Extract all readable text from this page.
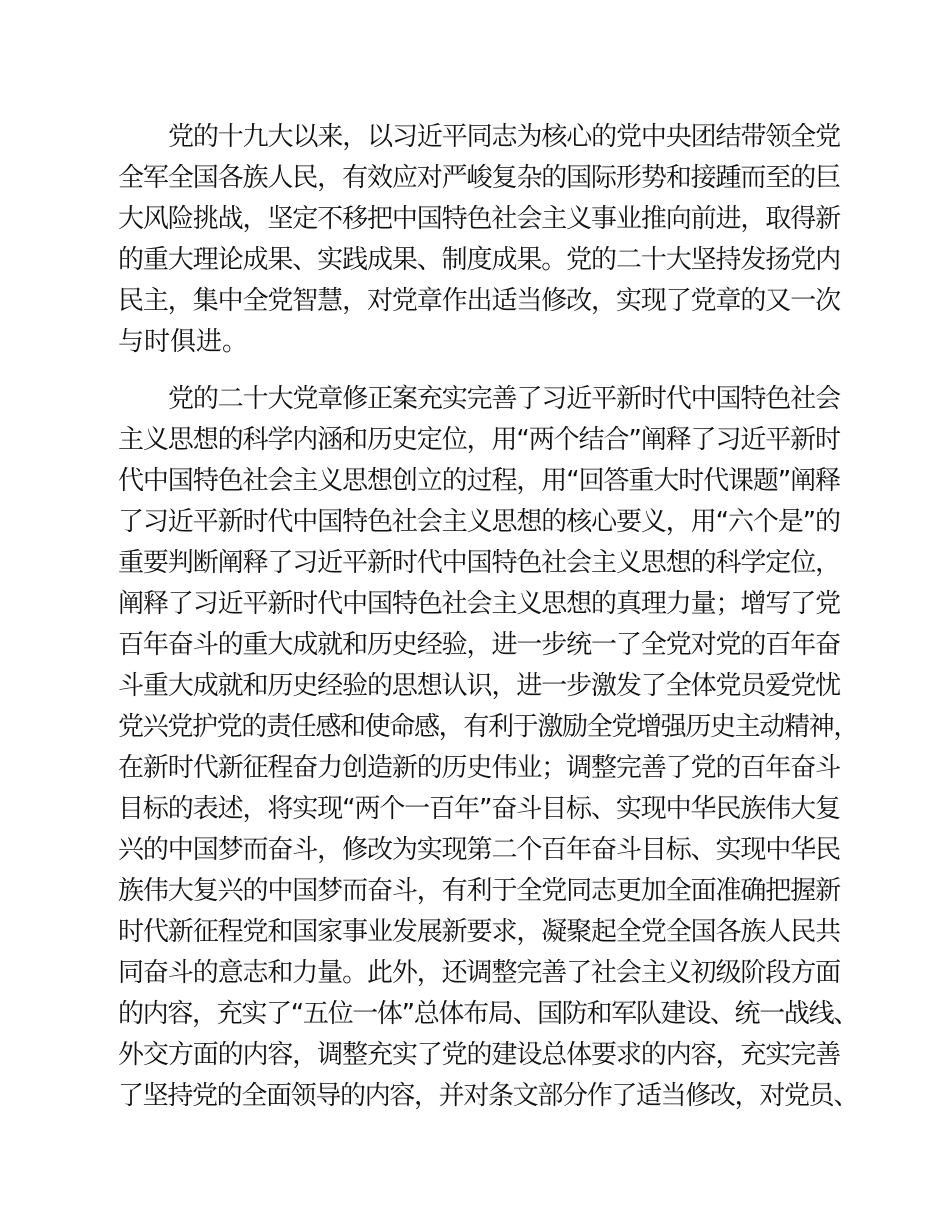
党的十九大以来，以习近平同志为核心的党中央团结带领全党
全军全国各族人民，有效应对严峻复杂的国际形势和接踵而至的巨
大风险挑战，坚定不移把中国特色社会主义事业推向前进，取得新
的重大理论成果、实践成果、制度成果。党的二十大坚持发扬党内
民主，集中全党智慧，对党章作出适当修改，实现了党章的又一次
与时俱进。
党的二十大党章修正案充实完善了习近平新时代中国特色社会
主义思想的科学内涵和历史定位，用“两个结合”阐释了习近平新时
代中国特色社会主义思想创立的过程，用“回答重大时代课题”阐释
了习近平新时代中国特色社会主义思想的核心要义，用“六个是”的
重要判断阐释了习近平新时代中国特色社会主义思想的科学定位，
阐释了习近平新时代中国特色社会主义思想的真理力量；增写了党
百年奋斗的重大成就和历史经验，进一步统一了全党对党的百年奋
斗重大成就和历史经验的思想认识，进一步激发了全体党员爱党忧
党兴党护党的责任感和使命感，有利于激励全党增强历史主动精神，
在新时代新征程奋力创造新的历史伟业；调整完善了党的百年奋斗
目标的表述，将实现“两个一百年”奋斗目标、实现中华民族伟大复
兴的中国梦而奋斗，修改为实现第二个百年奋斗目标、实现中华民
族伟大复兴的中国梦而奋斗，有利于全党同志更加全面准确把握新
时代新征程党和国家事业发展新要求，凝聚起全党全国各族人民共
同奋斗的意志和力量。此外，还调整完善了社会主义初级阶段方面
的内容，充实了“五位一体”总体布局、国防和军队建设、统一战线、
外交方面的内容，调整充实了党的建设总体要求的内容，充实完善
了坚持党的全面领导的内容，并对条文部分作了适当修改，对党员、
